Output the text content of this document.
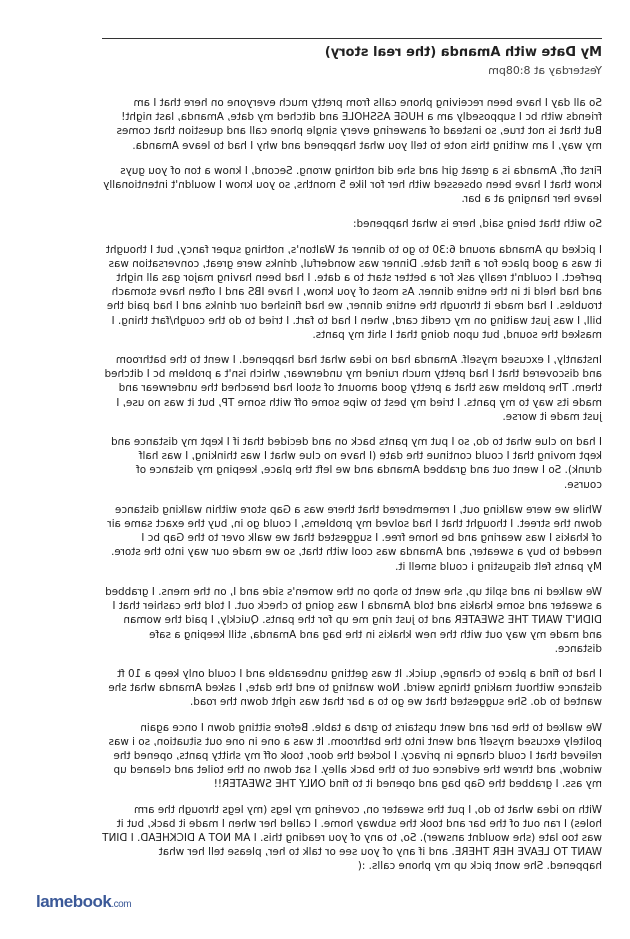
My Date with Amanda (the real story)
Yesterday at 8:08pm

So all day I have been receiving phone calls from pretty much everyone on here that I am friends with bc I supposedly am a HUGE ASSHOLE and ditched my date, Amanda, last night! But that is not true, so instead of answering every single phone call and question that comes my way, I am writing this note to tell you what happened and why I had to leave Amanda.

First off, Amanda is a great girl and she did nothing wrong. Second, I know a ton of you guys know that I have been obsessed with her for like 5 months, so you know I wouldn't intentionally leave her hanging at a bar.

So with that being said, here is what happened:

I picked up Amanda around 6:30 to go to dinner at Walton's, nothing super fancy, but I thought it was a good place for a first date. Dinner was wonderful, drinks were great, conversation was perfect. I couldn't really ask for a better start to a date. I had been having major gas all night and had held it in the entire dinner. As most of you know, I have IBS and I often have stomach troubles. I had made it through the entire dinner, we had finished our drinks and I had paid the bill, I was just waiting on my credit card, when I had to fart. I tried to do the cough/fart thing. I masked the sound, but upon doing that I shit my pants.

Instantly, I excused myself. Amanda had no idea what had happened. I went to the bathroom and discovered that I had pretty much ruined my underwear, which isn't a problem bc I ditched them. The problem was that a pretty good amount of stool had breached the underwear and made its way to my pants. I tried my best to wipe some off with some TP, but it was no use, I just made it worse.

I had no clue what to do, so I put my pants back on and decided that if I kept my distance and kept moving that I could continue the date (I have no clue what I was thinking, I was half drunk). So I went out and grabbed Amanda and we left the place, keeping my distance of course.

While we were walking out, I remembered that there was a Gap store within walking distance down the street. I thought that I had solved my problems, I could go in, buy the exact same air of khakis I was wearing and be home free. I suggested that we walk over to the Gap bc I needed to buy a sweater, and Amanda was cool with that, so we made our way into the store. My pants felt disgusting i could smell it.

We walked in and split up, she went to shop on the women's side and I, on the mens. I grabbed a sweater and some khakis and told Amanda I was going to check out. I told the cashier that I DIDN'T WANT THE SWEATER and to just ring me up for the pants. Quickly, I paid the woman and made my way out with the new khakis in the bag and Amanda, still keeping a safe distance.

I had to find a place to change, quick. It was getting unbearable and I could only keep a 10 ft distance without making things weird. Now wanting to end the date, I asked Amanda what she wanted to do. She suggested that we go to a bar that was right down the road.

We walked to the bar and went upstairs to grab a table. Before sitting down I once again politely excused myself and went into the bathroom. It was a one in one out situation, so i was relieved that I could change in privacy. I locked the door, took off my shitty pants, opened the window, and threw the evidence out to the back alley. I sat down on the toilet and cleaned up my ass. I grabbed the Gap bag and opened it to find ONLY THE SWEATER!!

With no idea what to do, I put the sweater on, covering my legs (my legs through the arm holes) I ran out of the bar and took the subway home. I called her when I made it back, but it was too late (she wouldnt answer). So, to any of you reading this. I AM NOT A DICKHEAD. I DINT WANT TO LEAVE HER THERE. and if any of you see or talk to her, please tell her what happened. She wont pick up my phone calls. :(

lamebook.com
